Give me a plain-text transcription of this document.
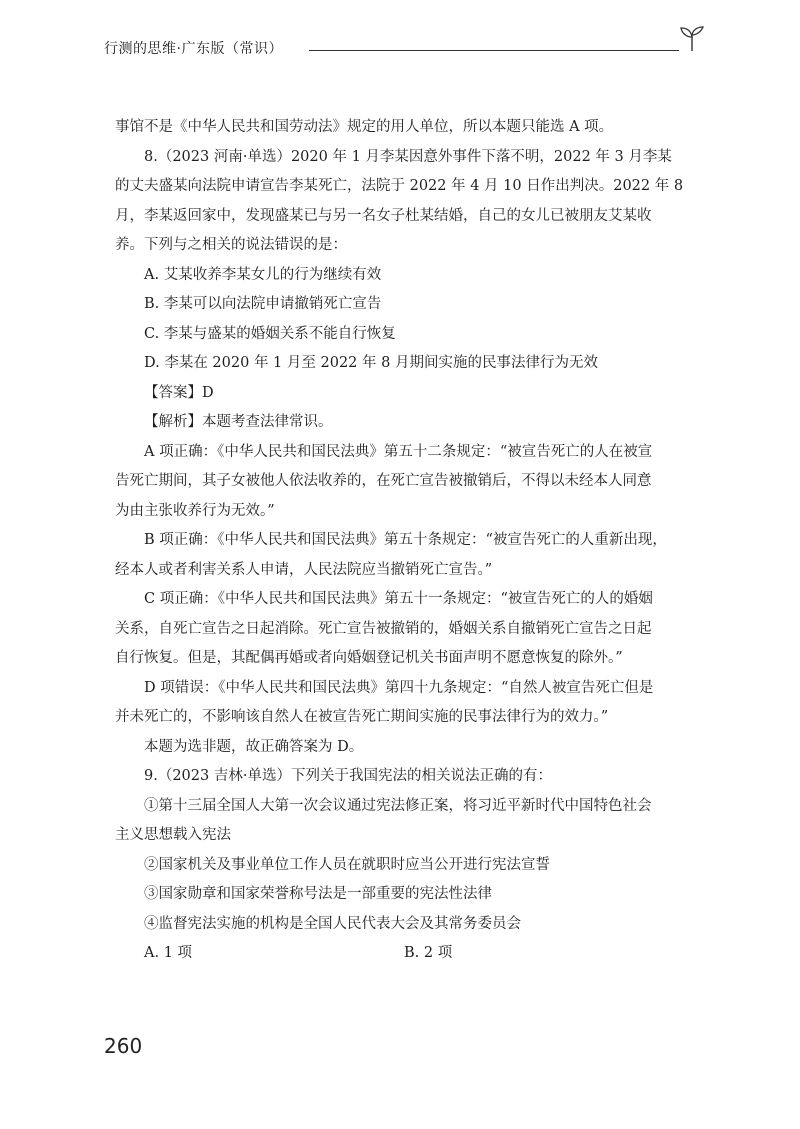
行测的思维·广东版（常识）
事馆不是《中华人民共和国劳动法》规定的用人单位，所以本题只能选 A 项。
8.（2023 河南·单选）2020 年 1 月李某因意外事件下落不明，2022 年 3 月李某
的丈夫盛某向法院申请宣告李某死亡，法院于 2022 年 4 月 10 日作出判决。2022 年 8
月，李某返回家中，发现盛某已与另一名女子杜某结婚，自己的女儿已被朋友艾某收
养。下列与之相关的说法错误的是：
A. 艾某收养李某女儿的行为继续有效
B. 李某可以向法院申请撤销死亡宣告
C. 李某与盛某的婚姻关系不能自行恢复
D. 李某在 2020 年 1 月至 2022 年 8 月期间实施的民事法律行为无效
【答案】D
【解析】本题考查法律常识。
A 项正确：《中华人民共和国民法典》第五十二条规定：“被宣告死亡的人在被宣
告死亡期间，其子女被他人依法收养的，在死亡宣告被撤销后，不得以未经本人同意
为由主张收养行为无效。”
B 项正确：《中华人民共和国民法典》第五十条规定：“被宣告死亡的人重新出现，
经本人或者利害关系人申请，人民法院应当撤销死亡宣告。”
C 项正确：《中华人民共和国民法典》第五十一条规定：“被宣告死亡的人的婚姻
关系，自死亡宣告之日起消除。死亡宣告被撤销的，婚姻关系自撤销死亡宣告之日起
自行恢复。但是，其配偶再婚或者向婚姻登记机关书面声明不愿意恢复的除外。”
D 项错误：《中华人民共和国民法典》第四十九条规定：“自然人被宣告死亡但是
并未死亡的，不影响该自然人在被宣告死亡期间实施的民事法律行为的效力。”
本题为选非题，故正确答案为 D。
9.（2023 吉林·单选）下列关于我国宪法的相关说法正确的有：
①第十三届全国人大第一次会议通过宪法修正案，将习近平新时代中国特色社会
主义思想载入宪法
②国家机关及事业单位工作人员在就职时应当公开进行宪法宣誓
③国家勋章和国家荣誉称号法是一部重要的宪法性法律
④监督宪法实施的机构是全国人民代表大会及其常务委员会
A. 1 项	B. 2 项
260
